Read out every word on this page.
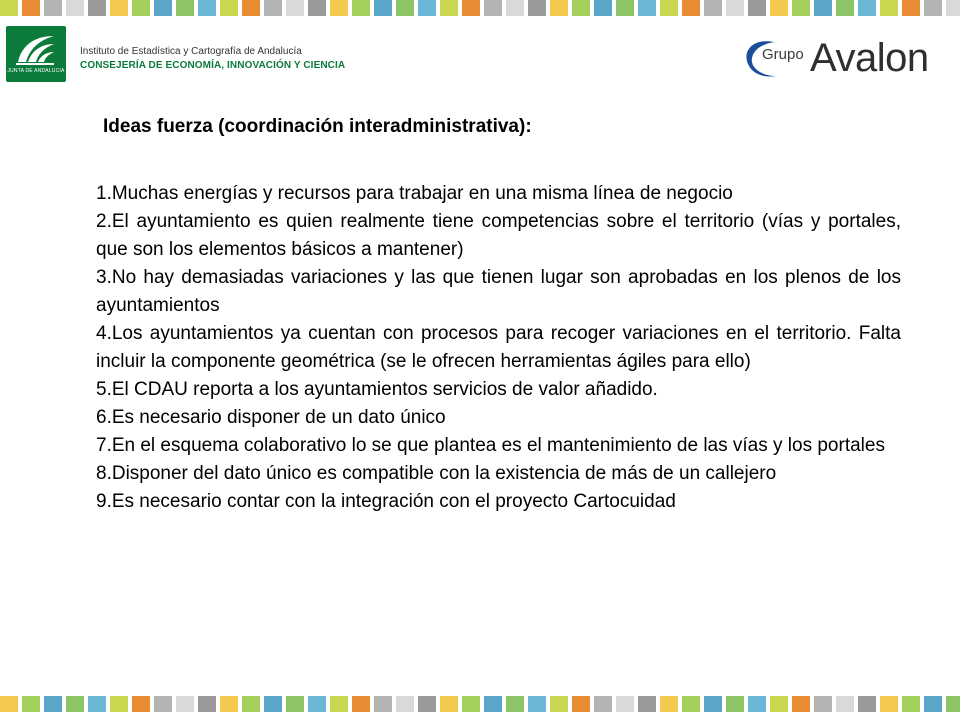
JUNTA DE ANDALUCIA
Instituto de Estadística y Cartografía de Andalucía
CONSEJERÍA DE ECONOMÍA, INNOVACIÓN Y CIENCIA
Grupo Avalon
Ideas fuerza (coordinación interadministrativa):
1.Muchas energías y recursos para trabajar en una misma línea de negocio
2.El ayuntamiento es quien realmente tiene competencias sobre el territorio (vías y portales, que son los elementos básicos a mantener)
3.No hay demasiadas variaciones y las que tienen lugar son aprobadas en los plenos de los ayuntamientos
4.Los ayuntamientos ya cuentan con procesos para recoger variaciones en el territorio. Falta incluir la componente geométrica (se le ofrecen herramientas ágiles para ello)
5.El CDAU reporta a los ayuntamientos servicios de valor añadido.
6.Es necesario disponer de un dato único
7.En el esquema colaborativo lo se que plantea es el mantenimiento de las vías y los portales
8.Disponer del dato único es compatible con la existencia de más de un callejero
9.Es necesario contar con la integración con el proyecto Cartocuidad
